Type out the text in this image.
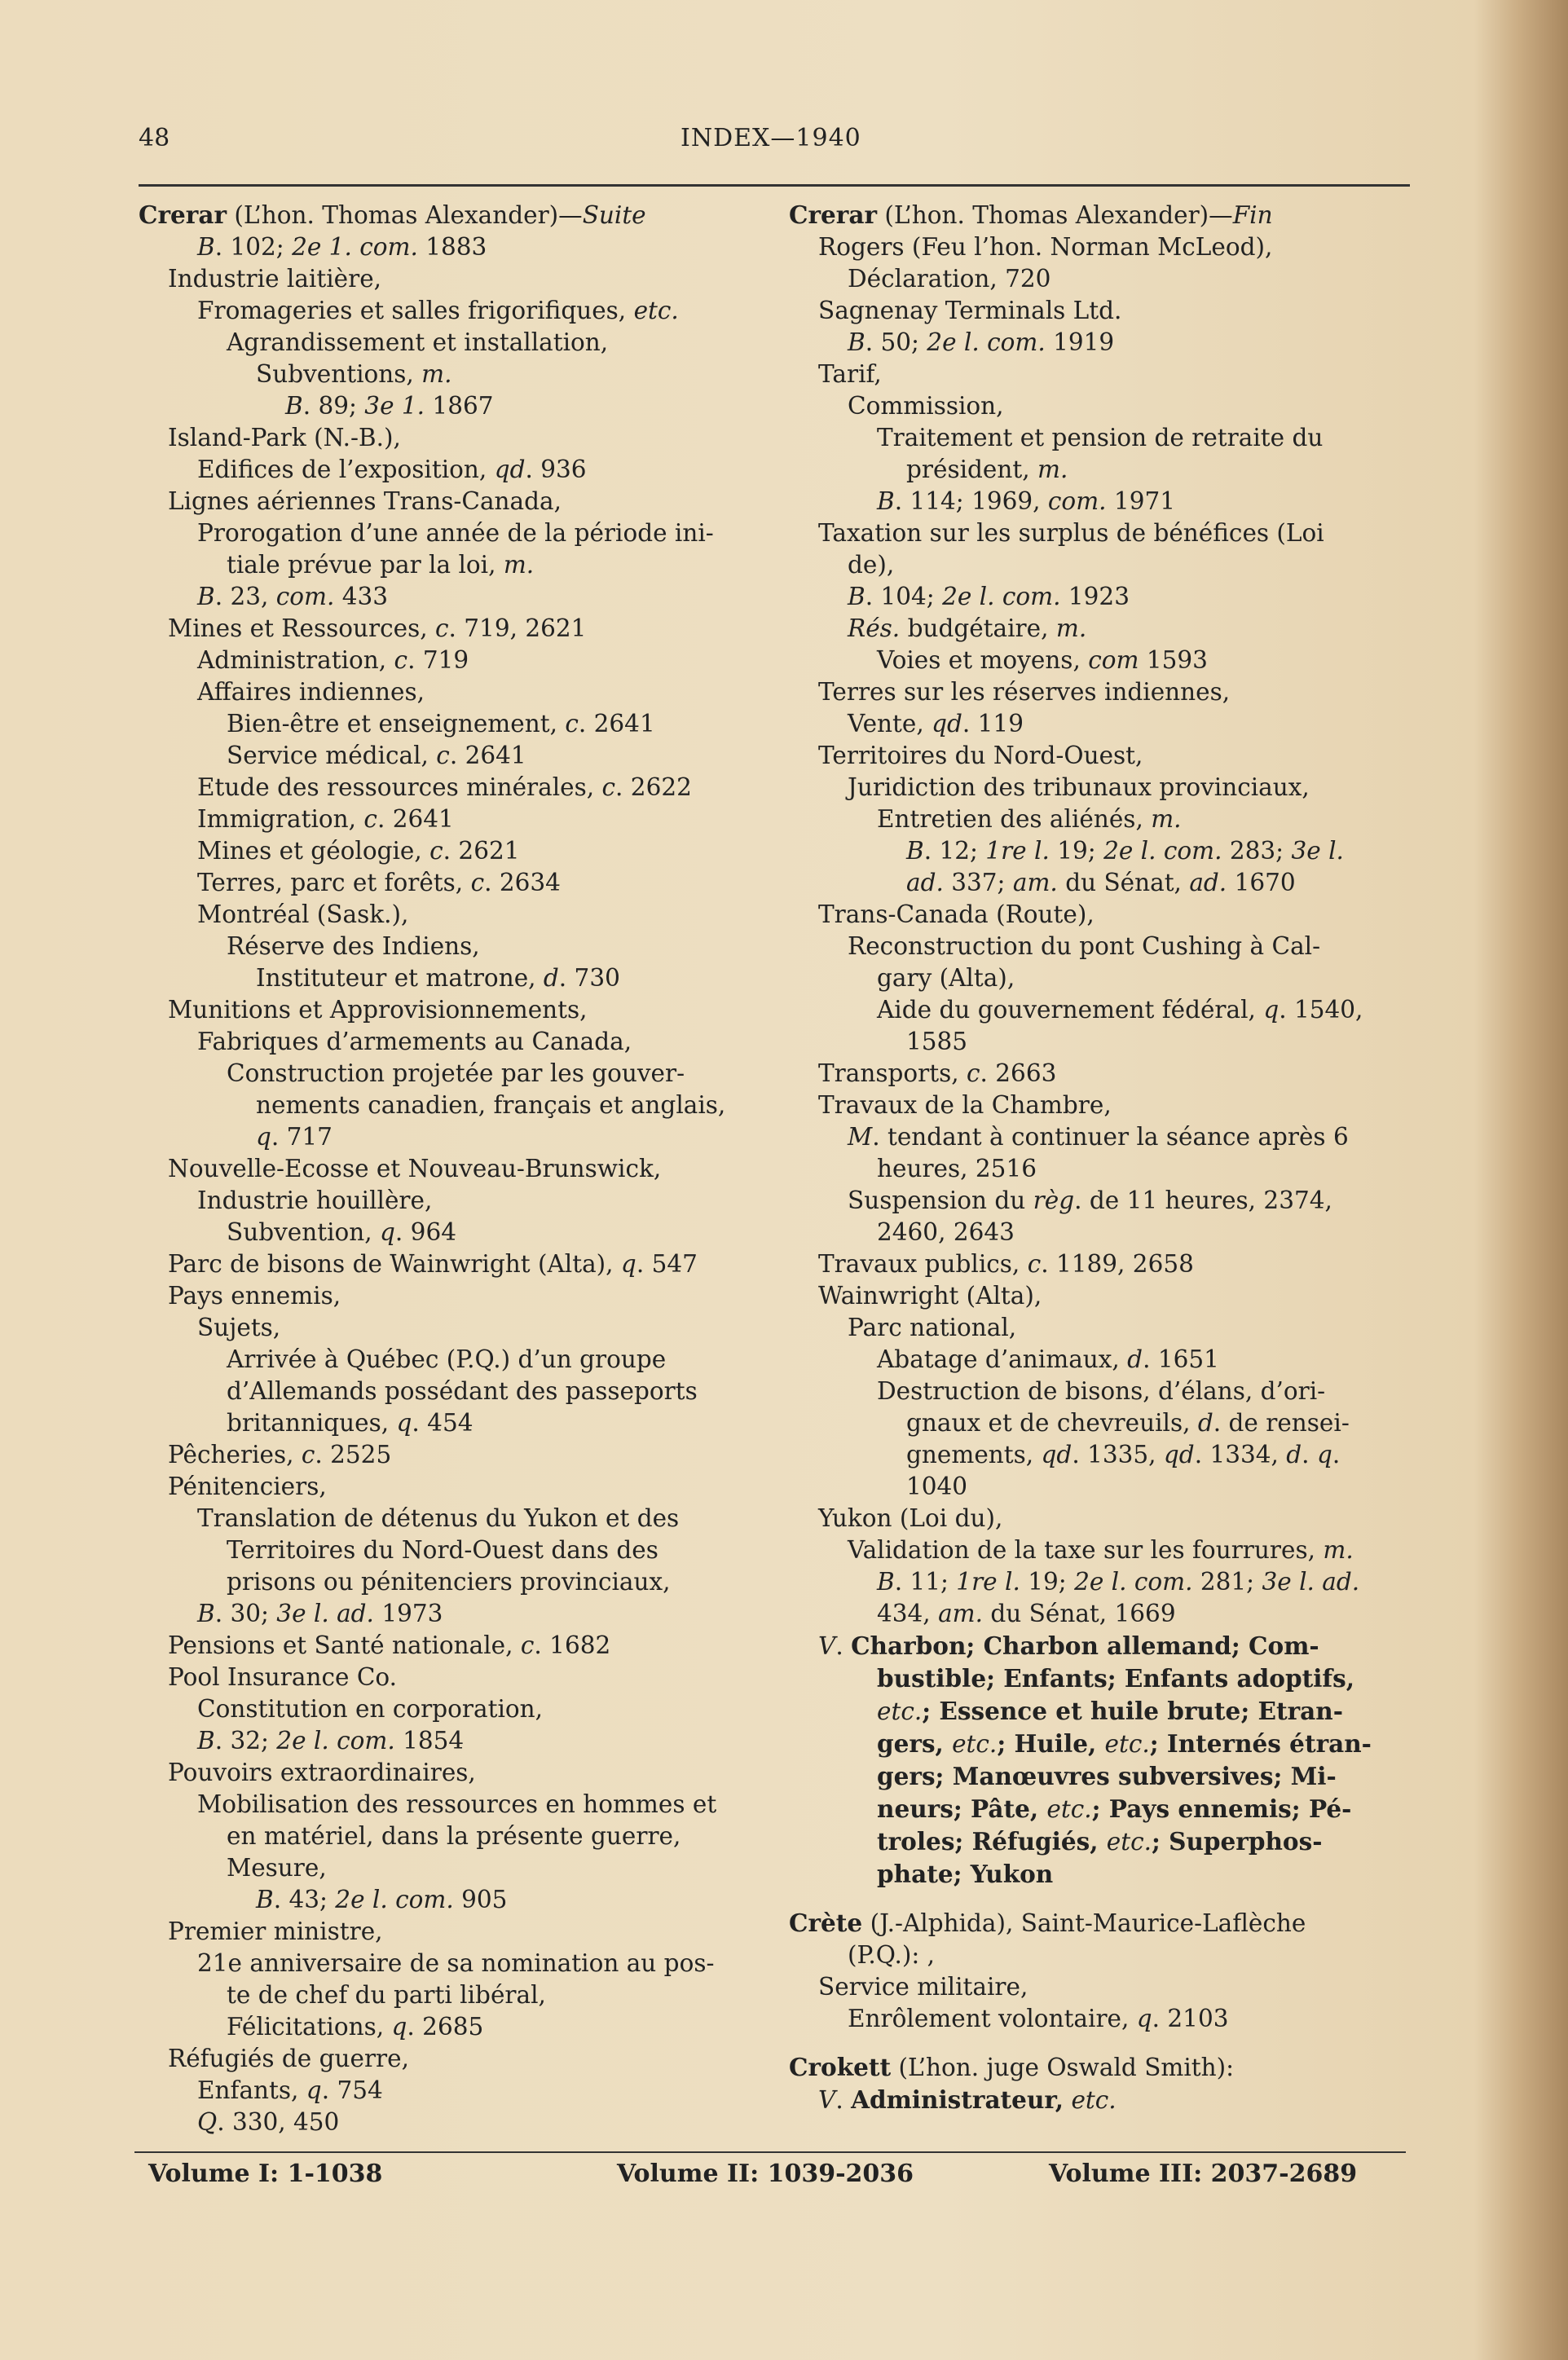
48	INDEX—1940
Crerar (L’hon. Thomas Alexander)—Suite
B. 102; 2e 1. com. 1883
Industrie laitière,
Fromageries et salles frigorifiques, etc.
Agrandissement et installation,
Subventions, m.
B. 89; 3e 1. 1867
Island-Park (N.-B.),
Edifices de l’exposition, qd. 936
Lignes aériennes Trans-Canada,
Prorogation d’une année de la période ini-
tiale prévue par la loi, m.
B. 23, com. 433
Mines et Ressources, c. 719, 2621
Administration, c. 719
Affaires indiennes,
Bien-être et enseignement, c. 2641
Service médical, c. 2641
Etude des ressources minérales, c. 2622
Immigration, c. 2641
Mines et géologie, c. 2621
Terres, parc et forêts, c. 2634
Montréal (Sask.),
Réserve des Indiens,
Instituteur et matrone, d. 730
Munitions et Approvisionnements,
Fabriques d’armements au Canada,
Construction projetée par les gouver-
nements canadien, français et anglais,
q. 717
Nouvelle-Ecosse et Nouveau-Brunswick,
Industrie houillère,
Subvention, q. 964
Parc de bisons de Wainwright (Alta), q. 547
Pays ennemis,
Sujets,
Arrivée à Québec (P.Q.) d’un groupe
d’Allemands possédant des passeports
britanniques, q. 454
Pêcheries, c. 2525
Pénitenciers,
Translation de détenus du Yukon et des
Territoires du Nord-Ouest dans des
prisons ou pénitenciers provinciaux,
B. 30; 3e l. ad. 1973
Pensions et Santé nationale, c. 1682
Pool Insurance Co.
Constitution en corporation,
B. 32; 2e l. com. 1854
Pouvoirs extraordinaires,
Mobilisation des ressources en hommes et
en matériel, dans la présente guerre,
Mesure,
B. 43; 2e l. com. 905
Premier ministre,
21e anniversaire de sa nomination au pos-
te de chef du parti libéral,
Félicitations, q. 2685
Réfugiés de guerre,
Enfants, q. 754
Q. 330, 450
Crerar (L’hon. Thomas Alexander)—Fin
Rogers (Feu l’hon. Norman McLeod),
Déclaration, 720
Sagnenay Terminals Ltd.
B. 50; 2e l. com. 1919
Tarif,
Commission,
Traitement et pension de retraite du
président, m.
B. 114; 1969, com. 1971
Taxation sur les surplus de bénéfices (Loi
de),
B. 104; 2e l. com. 1923
Rés. budgétaire, m.
Voies et moyens, com 1593
Terres sur les réserves indiennes,
Vente, qd. 119
Territoires du Nord-Ouest,
Juridiction des tribunaux provinciaux,
Entretien des aliénés, m.
B. 12; 1re l. 19; 2e l. com. 283; 3e l.
ad. 337; am. du Sénat, ad. 1670
Trans-Canada (Route),
Reconstruction du pont Cushing à Cal-
gary (Alta),
Aide du gouvernement fédéral, q. 1540,
1585
Transports, c. 2663
Travaux de la Chambre,
M. tendant à continuer la séance après 6
heures, 2516
Suspension du règ. de 11 heures, 2374,
2460, 2643
Travaux publics, c. 1189, 2658
Wainwright (Alta),
Parc national,
Abatage d’animaux, d. 1651
Destruction de bisons, d’élans, d’ori-
gnaux et de chevreuils, d. de rensei-
gnements, qd. 1335, qd. 1334, d. q.
1040
Yukon (Loi du),
Validation de la taxe sur les fourrures, m.
B. 11; 1re l. 19; 2e l. com. 281; 3e l. ad.
434, am. du Sénat, 1669
V. Charbon; Charbon allemand; Com-
bustible; Enfants; Enfants adoptifs,
etc.; Essence et huile brute; Etran-
gers, etc.; Huile, etc.; Internés étran-
gers; Manœuvres subversives; Mi-
neurs; Pâte, etc.; Pays ennemis; Pé-
troles; Réfugiés, etc.; Superphos-
phate; Yukon
Crète (J.-Alphida), Saint-Maurice-Laflèche
(P.Q.): ,
Service militaire,
Enrôlement volontaire, q. 2103
Crokett (L’hon. juge Oswald Smith):
V. Administrateur, etc.
Volume I: 1-1038	Volume II: 1039-2036	Volume III: 2037-2689
